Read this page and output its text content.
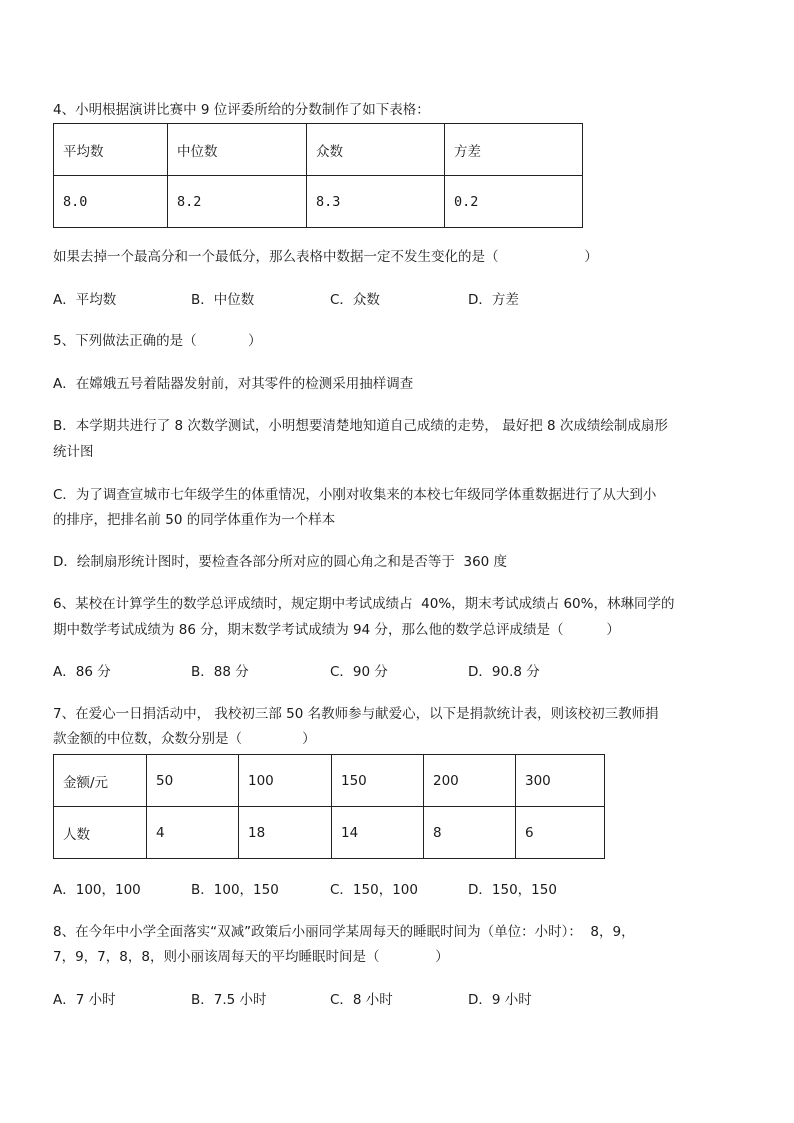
4、小明根据演讲比赛中 9 位评委所给的分数制作了如下表格：
平均数	中位数	众数	方差
8.0	8.2	8.3	0.2
如果去掉一个最高分和一个最低分，那么表格中数据一定不发生变化的是（                    ）
A．平均数	B．中位数	C．众数	D．方差
5、下列做法正确的是（            ）
A．在嫦娥五号着陆器发射前，对其零件的检测采用抽样调查
B．本学期共进行了 8 次数学测试，小明想要清楚地知道自己成绩的走势， 最好把 8 次成绩绘制成扇形
统计图
C．为了调查宣城市七年级学生的体重情况，小刚对收集来的本校七年级同学体重数据进行了从大到小
的排序，把排名前 50 的同学体重作为一个样本
D．绘制扇形统计图时，要检查各部分所对应的圆心角之和是否等于  360 度
6、某校在计算学生的数学总评成绩时，规定期中考试成绩占  40%，期末考试成绩占 60%，林琳同学的
期中数学考试成绩为 86 分，期末数学考试成绩为 94 分，那么他的数学总评成绩是（          ）
A．86 分	B．88 分	C．90 分	D．90.8 分
7、在爱心一日捐活动中， 我校初三部 50 名教师参与献爱心，以下是捐款统计表，则该校初三教师捐
款金额的中位数，众数分别是（              ）
金额/元	50	100	150	200	300
人数	4	18	14	8	6
A．100，100	B．100，150	C．150，100	D．150，150
8、在今年中小学全面落实“双减”政策后小丽同学某周每天的睡眠时间为（单位：小时）：  8，9，
7，9，7，8，8，则小丽该周每天的平均睡眠时间是（             ）
A．7 小时	B．7.5 小时	C．8 小时	D．9 小时
